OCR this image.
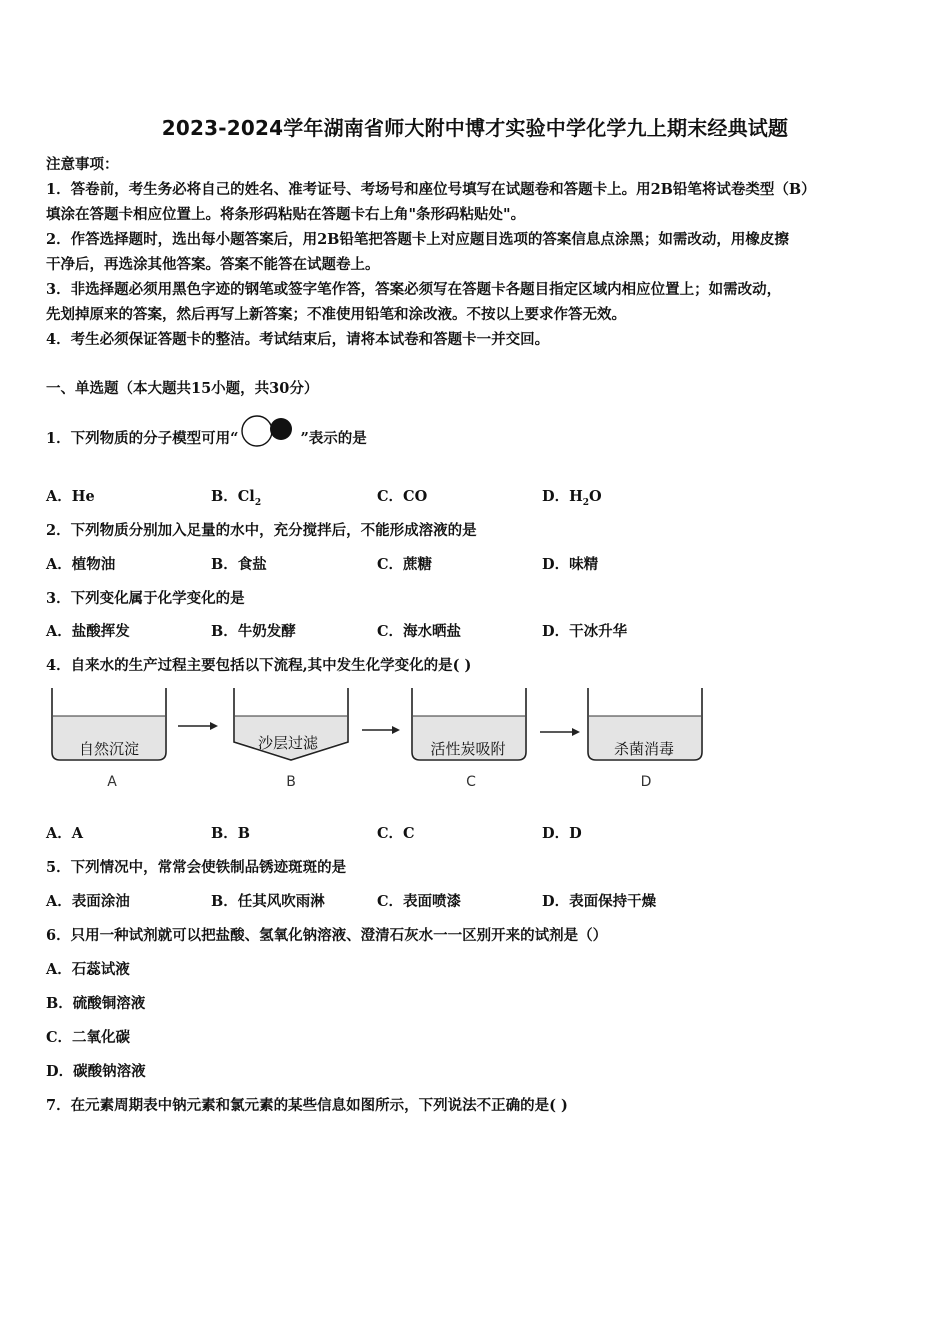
2023-2024学年湖南省师大附中博才实验中学化学九上期末经典试题
注意事项：
1．答卷前，考生务必将自己的姓名、准考证号、考场号和座位号填写在试题卷和答题卡上。用2B铅笔将试卷类型（B）
填涂在答题卡相应位置上。将条形码粘贴在答题卡右上角"条形码粘贴处"。
2．作答选择题时，选出每小题答案后，用2B铅笔把答题卡上对应题目选项的答案信息点涂黑；如需改动，用橡皮擦
干净后，再选涂其他答案。答案不能答在试题卷上。
3．非选择题必须用黑色字迹的钢笔或签字笔作答，答案必须写在答题卡各题目指定区域内相应位置上；如需改动，
先划掉原来的答案，然后再写上新答案；不准使用铅笔和涂改液。不按以上要求作答无效。
4．考生必须保证答题卡的整洁。考试结束后，请将本试卷和答题卡一并交回。
一、单选题（本大题共15小题，共30分）
1．下列物质的分子模型可用“	”表示的是
A．He	B．$Cl_2$	C．CO	D．$H_2O$
2．下列物质分别加入足量的水中，充分搅拌后，不能形成溶液的是
A．植物油	B．食盐	C．蔗糖	D．味精
3．下列变化属于化学变化的是
A．盐酸挥发	B．牛奶发酵	C．海水晒盐	D．干冰升华
4．自来水的生产过程主要包括以下流程,其中发生化学变化的是( )
自然沉淀
A
沙层过滤
B
活性炭吸附
C
杀菌消毒
D
A．A	B．B	C．C	D．D
5．下列情况中，常常会使铁制品锈迹斑斑的是
A．表面涂油	B．任其风吹雨淋	C．表面喷漆	D．表面保持干燥
6．只用一种试剂就可以把盐酸、氢氧化钠溶液、澄清石灰水一一区别开来的试剂是（）
A．石蕊试液
B．硫酸铜溶液
C．二氧化碳
D．碳酸钠溶液
7．在元素周期表中钠元素和氯元素的某些信息如图所示，下列说法不正确的是( )
